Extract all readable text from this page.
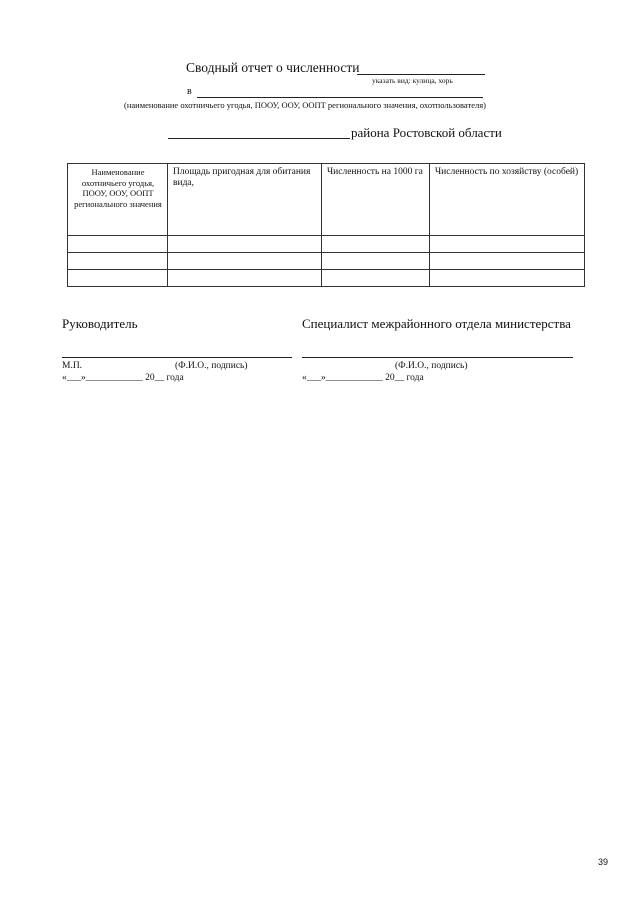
Сводный отчет о численности
указать вид: кулица, хорь
в
(наименование охотничьего угодья, ПООУ, ООУ, ООПТ регионального значения, охотпользователя)
района Ростовской области
Наименование охотничьего угодья, ПООУ, ООУ, ООПТ регионального значения	Площадь пригодная для обитания вида,	Численность на 1000 га	Численность по хозяйству (особей)

Руководитель	Специалист межрайонного отдела министерства
М.П.	(Ф.И.О., подпись)	(Ф.И.О., подпись)
«___»____________ 20__ года	«___»____________ 20__ года
39
